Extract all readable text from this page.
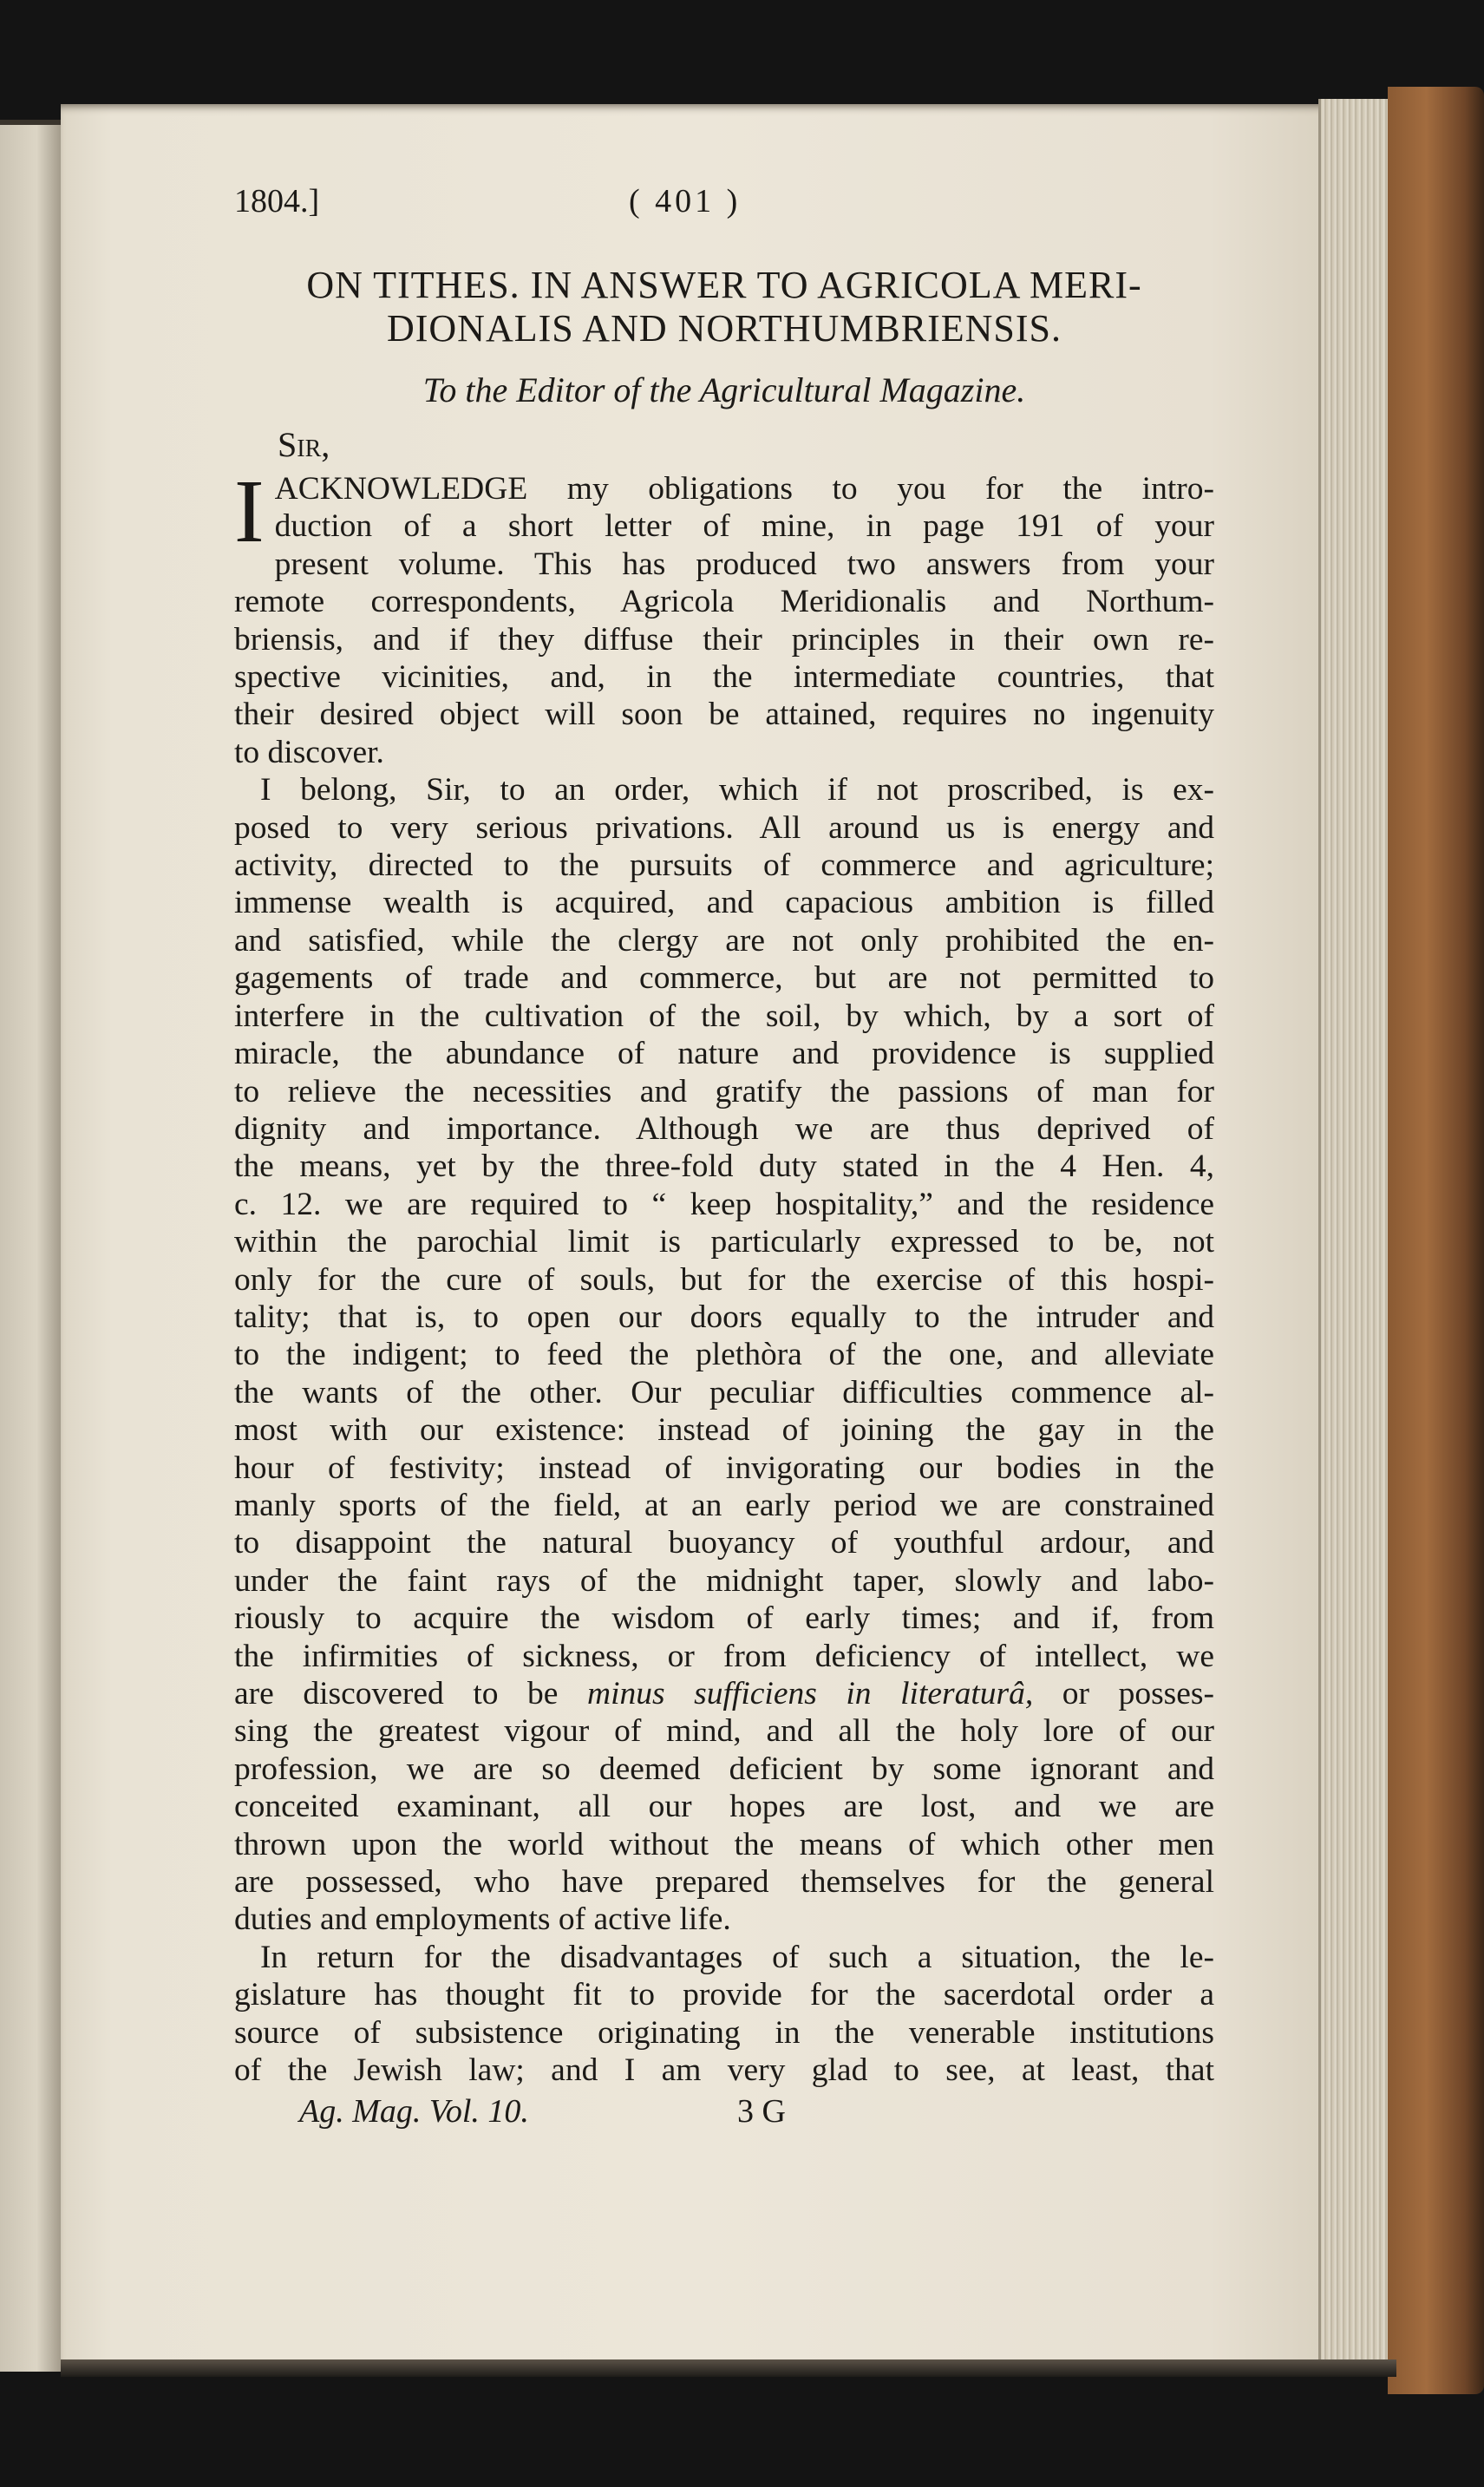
1804.]	( 401 )
ON TITHES. IN ANSWER TO AGRICOLA MERI-
DIONALIS AND NORTHUMBRIENSIS.

To the Editor of the Agricultural Magazine.

Sir,

I ACKNOWLEDGE my obligations to you for the intro-
duction of a short letter of mine, in page 191 of your
present volume. This has produced two answers from your
remote correspondents, Agricola Meridionalis and Northum-
briensis, and if they diffuse their principles in their own re-
spective vicinities, and, in the intermediate countries, that
their desired object will soon be attained, requires no ingenuity
to discover.

I belong, Sir, to an order, which if not proscribed, is ex-
posed to very serious privations. All around us is energy and
activity, directed to the pursuits of commerce and agriculture;
immense wealth is acquired, and capacious ambition is filled
and satisfied, while the clergy are not only prohibited the en-
gagements of trade and commerce, but are not permitted to
interfere in the cultivation of the soil, by which, by a sort of
miracle, the abundance of nature and providence is supplied
to relieve the necessities and gratify the passions of man for
dignity and importance. Although we are thus deprived of
the means, yet by the three-fold duty stated in the 4 Hen. 4,
c. 12. we are required to “ keep hospitality,” and the residence
within the parochial limit is particularly expressed to be, not
only for the cure of souls, but for the exercise of this hospi-
tality; that is, to open our doors equally to the intruder and
to the indigent; to feed the plethòra of the one, and alleviate
the wants of the other. Our peculiar difficulties commence al-
most with our existence: instead of joining the gay in the
hour of festivity; instead of invigorating our bodies in the
manly sports of the field, at an early period we are constrained
to disappoint the natural buoyancy of youthful ardour, and
under the faint rays of the midnight taper, slowly and labo-
riously to acquire the wisdom of early times; and if, from
the infirmities of sickness, or from deficiency of intellect, we
are discovered to be minus sufficiens in literaturâ, or posses-
sing the greatest vigour of mind, and all the holy lore of our
profession, we are so deemed deficient by some ignorant and
conceited examinant, all our hopes are lost, and we are
thrown upon the world without the means of which other men
are possessed, who have prepared themselves for the general
duties and employments of active life.

In return for the disadvantages of such a situation, the le-
gislature has thought fit to provide for the sacerdotal order a
source of subsistence originating in the venerable institutions
of the Jewish law; and I am very glad to see, at least, that

Ag. Mag. Vol. 10.	3 G
